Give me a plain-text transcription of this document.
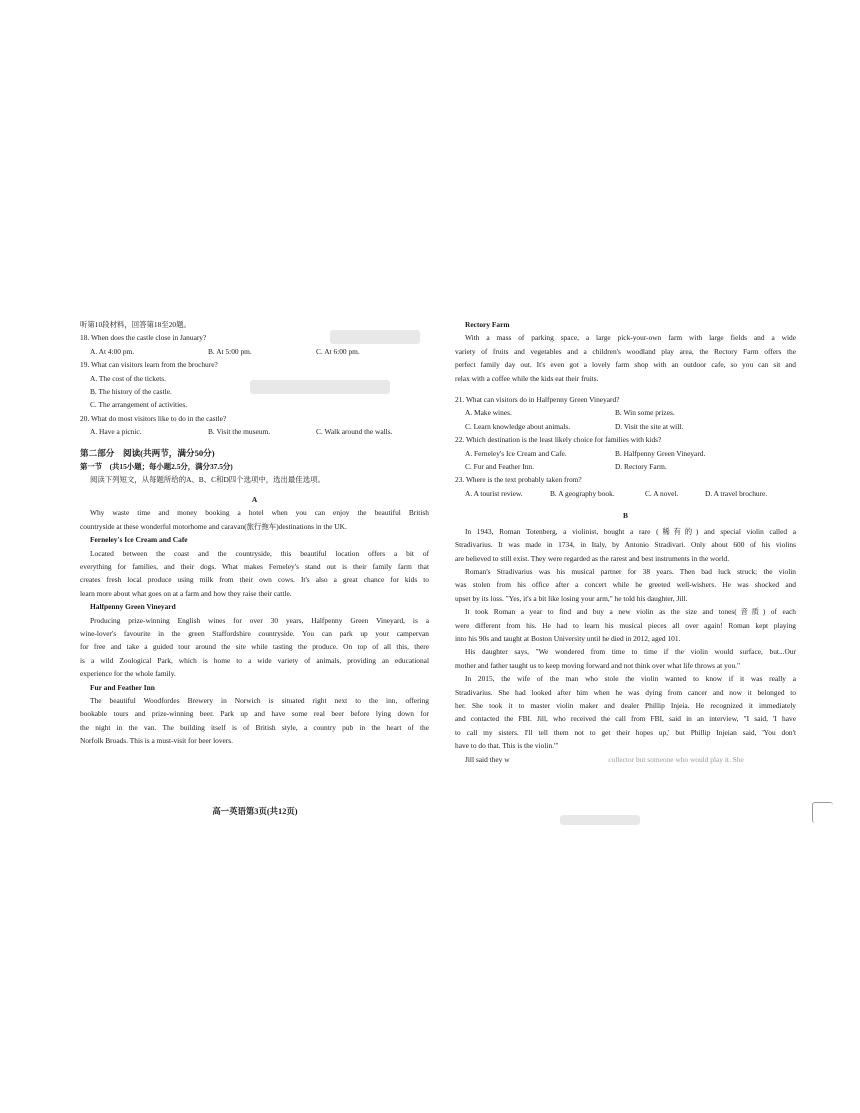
听第10段材料，回答第18至20题。
18. When does the castle close in January?
A. At 4:00 pm.	B. At 5:00 pm.	C. At 6:00 pm.
19. What can visitors learn from the brochure?
A. The cost of the tickets.
B. The history of the castle.
C. The arrangement of activities.
20. What do most visitors like to do in the castle?
A. Have a picnic.	B. Visit the museum.	C. Walk around the walls.
第二部分　阅读(共两节，满分50分)
第一节　(共15小题；每小题2.5分，满分37.5分)
阅读下列短文，从每题所给的A、B、C和D四个选项中，选出最佳选项。
A
Why waste time and money booking a hotel when you can enjoy the beautiful British
countryside at these wonderful motorhome and caravan(旅行拖车)destinations in the UK.
Ferneley's Ice Cream and Cafe
Located between the coast and the countryside, this beautiful location offers a bit of
everything for families, and their dogs. What makes Ferneley's stand out is their family farm that
creates fresh local produce using milk from their own cows. It's also a great chance for kids to
learn more about what goes on at a farm and how they raise their cattle.
Halfpenny Green Vineyard
Producing prize-winning English wines for over 30 years, Halfpenny Green Vineyard, is a
wine-lover's favourite in the green Staffordshire countryside. You can park up your campervan
for free and take a guided tour around the site while tasting the produce. On top of all this, there
is a wild Zoological Park, which is home to a wide variety of animals, providing an educational
experience for the whole family.
Fur and Feather Inn
The beautiful Woodfordes Brewery in Norwich is situated right next to the inn, offering
bookable tours and prize-winning beer. Park up and have some real beer before lying down for
the night in the van. The building itself is of British style, a country pub in the heart of the
Norfolk Broads. This is a must-visit for beer lovers.
高一英语第3页(共12页)
Rectory Farm
With a mass of parking space, a large pick-your-own farm with large fields and a wide
variety of fruits and vegetables and a children's woodland play area, the Rectory Farm offers the
perfect family day out. It's even got a lovely farm shop with an outdoor cafe, so you can sit and
relax with a coffee while the kids eat their fruits.
21. What can visitors do in Halfpenny Green Vineyard?
A. Make wines.	B. Win some prizes.
C. Learn knowledge about animals.	D. Visit the site at will.
22. Which destination is the least likely choice for families with kids?
A. Ferneley's Ice Cream and Cafe.	B. Halfpenny Green Vineyard.
C. Fur and Feather Inn.	D. Rectory Farm.
23. Where is the text probably taken from?
A. A tourist review.	B. A geography book.	C. A novel.	D. A travel brochure.
B
In 1943, Roman Totenberg, a violinist, bought a rare (稀有的) and special violin called a
Stradivarius. It was made in 1734, in Italy, by Antonio Stradivari. Only about 600 of his violins
are believed to still exist. They were regarded as the rarest and best instruments in the world.
Roman's Stradivarius was his musical partner for 38 years. Then bad luck struck; the violin
was stolen from his office after a concert while he greeted well-wishers. He was shocked and
upset by its loss. "Yes, it's a bit like losing your arm," he told his daughter, Jill.
It took Roman a year to find and buy a new violin as the size and tones(音质) of each
were different from his. He had to learn his musical pieces all over again! Roman kept playing
into his 90s and taught at Boston University until he died in 2012, aged 101.
His daughter says, "We wondered from time to time if the violin would surface, but...Our
mother and father taught us to keep moving forward and not think over what life throws at you."
In 2015, the wife of the man who stole the violin wanted to know if it was really a
Stradivarius. She had looked after him when he was dying from cancer and now it belonged to
her. She took it to master violin maker and dealer Phillip Injeia. He recognized it immediately
and contacted the FBI. Jill, who received the call from FBI, said in an interview, "I said, 'I have
to call my sisters. I'll tell them not to get their hopes up,' but Phillip Injeian said, 'You don't
have to do that. This is the violin.'"
Jill said they w	collector but someone who would play it. She
